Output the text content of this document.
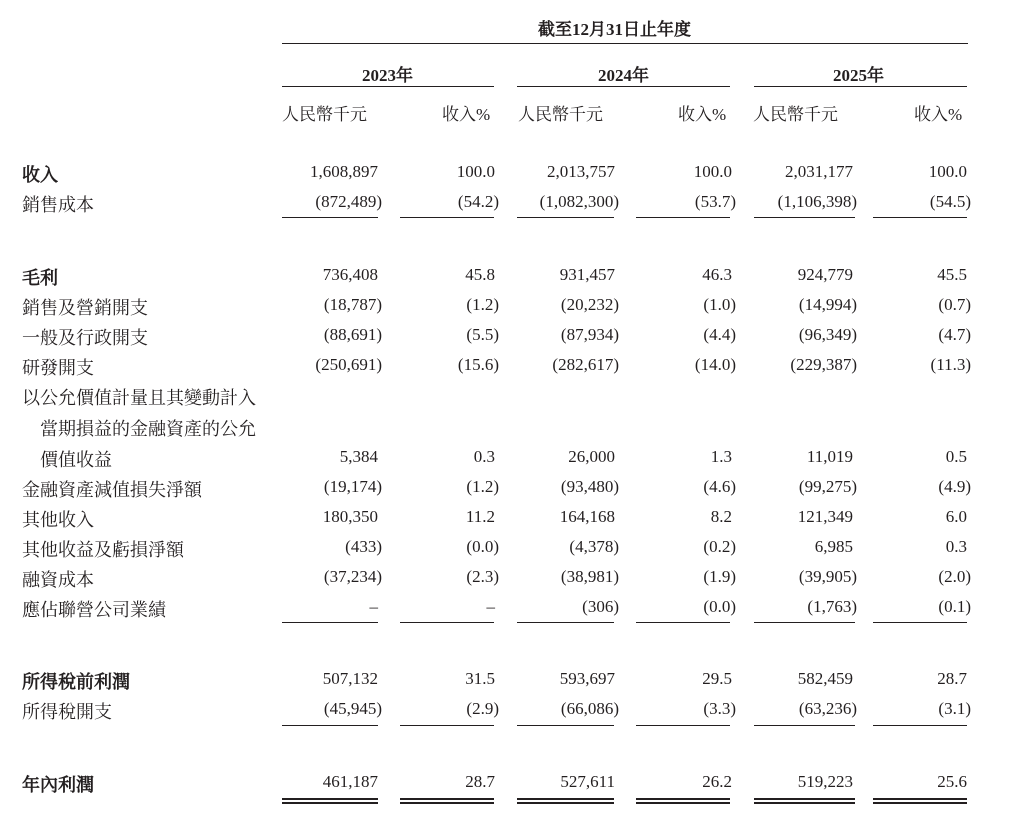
截至12月31日止年度
2023年	2024年	2025年
人民幣千元	收入% 人民幣千元	收入% 人民幣千元	收入%
收入	1,608,897	100.0	2,013,757	100.0	2,031,177	100.0
銷售成本	(872,489)	(54.2) (1,082,300)	(53.7) (1,106,398)	(54.5)
毛利	736,408	45.8	931,457	46.3	924,779	45.5
銷售及營銷開支	(18,787)	(1.2)	(20,232)	(1.0)	(14,994)	(0.7)
一般及行政開支	(88,691)	(5.5)	(87,934)	(4.4)	(96,349)	(4.7)
研發開支	(250,691)	(15.6)	(282,617)	(14.0)	(229,387)	(11.3)
以公允價值計量且其變動計入
當期損益的金融資產的公允
價值收益	5,384	0.3	26,000	1.3	11,019	0.5
金融資產減值損失淨額	(19,174)	(1.2)	(93,480)	(4.6)	(99,275)	(4.9)
其他收入	180,350	11.2	164,168	8.2	121,349	6.0
其他收益及虧損淨額	(433)	(0.0)	(4,378)	(0.2)	6,985	0.3
融資成本	(37,234)	(2.3)	(38,981)	(1.9)	(39,905)	(2.0)
應佔聯營公司業績	–	–	(306)	(0.0)	(1,763)	(0.1)
所得稅前利潤	507,132	31.5	593,697	29.5	582,459	28.7
所得稅開支	(45,945)	(2.9)	(66,086)	(3.3)	(63,236)	(3.1)
年內利潤	461,187	28.7	527,611	26.2	519,223	25.6
